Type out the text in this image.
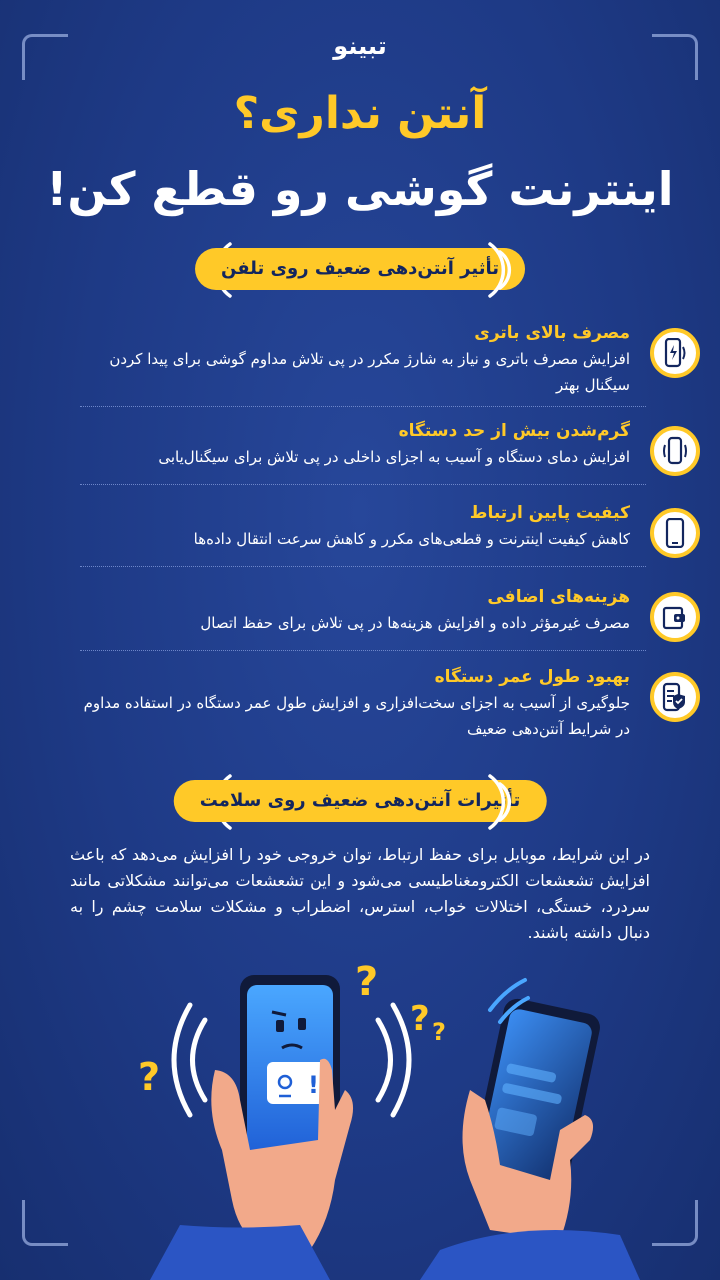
تبینو
آنتن نداری؟
اینترنت گوشی رو قطع کن!
تأثیر آنتن‌دهی ضعیف روی تلفن
مصرف بالای باتری
افزایش مصرف باتری و نیاز به شارژ مکرر در پی تلاش مداوم گوشی برای پیدا کردن سیگنال بهتر
گرم‌شدن بیش از حد دستگاه
افزایش دمای دستگاه و آسیب به اجزای داخلی در پی تلاش برای سیگنال‌یابی
کیفیت پایین ارتباط
کاهش کیفیت اینترنت و قطعی‌های مکرر و کاهش سرعت انتقال داده‌ها
هزینه‌های اضافی
مصرف غیرمؤثر داده و افزایش هزینه‌ها در پی تلاش برای حفظ اتصال
بهبود طول عمر دستگاه
جلوگیری از آسیب به اجزای سخت‌افزاری و افزایش طول عمر دستگاه در استفاده مداوم در شرایط آنتن‌دهی ضعیف
تأثیرات آنتن‌دهی ضعیف روی سلامت
در این شرایط، موبایل برای حفظ ارتباط، توان خروجی خود را افزایش می‌دهد که باعث افزایش تشعشعات الکترومغناطیسی می‌شود و این تشعشعات می‌توانند مشکلاتی مانند سردرد، خستگی، اختلالات خواب، استرس، اضطراب و مشکلات سلامت چشم را به دنبال داشته باشند.
?
? ?
?	!
